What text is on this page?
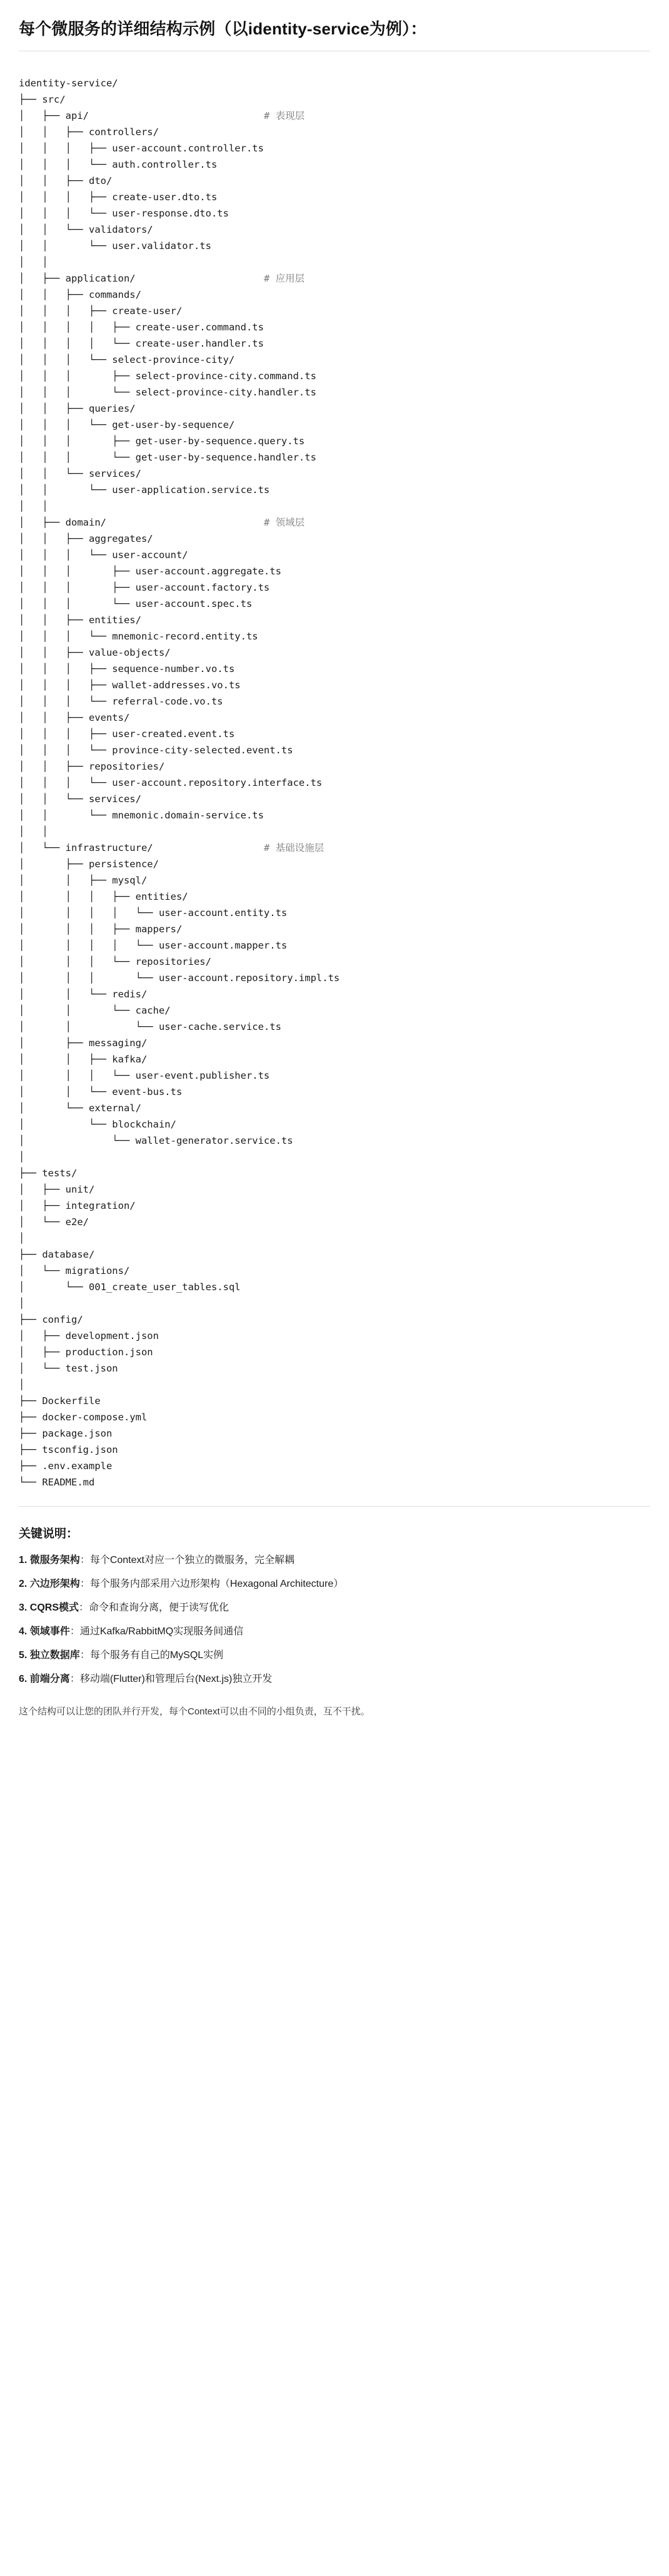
每个微服务的详细结构示例（以identity-service为例）：
identity-service/
├── src/
│   ├── api/                              # 表现层
│   │   ├── controllers/
│   │   │   ├── user-account.controller.ts
│   │   │   └── auth.controller.ts
│   │   ├── dto/
│   │   │   ├── create-user.dto.ts
│   │   │   └── user-response.dto.ts
│   │   └── validators/
│   │       └── user.validator.ts
│   │
│   ├── application/                      # 应用层
│   │   ├── commands/
│   │   │   ├── create-user/
│   │   │   │   ├── create-user.command.ts
│   │   │   │   └── create-user.handler.ts
│   │   │   └── select-province-city/
│   │   │       ├── select-province-city.command.ts
│   │   │       └── select-province-city.handler.ts
│   │   ├── queries/
│   │   │   └── get-user-by-sequence/
│   │   │       ├── get-user-by-sequence.query.ts
│   │   │       └── get-user-by-sequence.handler.ts
│   │   └── services/
│   │       └── user-application.service.ts
│   │
│   ├── domain/                           # 领域层
│   │   ├── aggregates/
│   │   │   └── user-account/
│   │   │       ├── user-account.aggregate.ts
│   │   │       ├── user-account.factory.ts
│   │   │       └── user-account.spec.ts
│   │   ├── entities/
│   │   │   └── mnemonic-record.entity.ts
│   │   ├── value-objects/
│   │   │   ├── sequence-number.vo.ts
│   │   │   ├── wallet-addresses.vo.ts
│   │   │   └── referral-code.vo.ts
│   │   ├── events/
│   │   │   ├── user-created.event.ts
│   │   │   └── province-city-selected.event.ts
│   │   ├── repositories/
│   │   │   └── user-account.repository.interface.ts
│   │   └── services/
│   │       └── mnemonic.domain-service.ts
│   │
│   └── infrastructure/                   # 基础设施层
│       ├── persistence/
│       │   ├── mysql/
│       │   │   ├── entities/
│       │   │   │   └── user-account.entity.ts
│       │   │   ├── mappers/
│       │   │   │   └── user-account.mapper.ts
│       │   │   └── repositories/
│       │   │       └── user-account.repository.impl.ts
│       │   └── redis/
│       │       └── cache/
│       │           └── user-cache.service.ts
│       ├── messaging/
│       │   ├── kafka/
│       │   │   └── user-event.publisher.ts
│       │   └── event-bus.ts
│       └── external/
│           └── blockchain/
│               └── wallet-generator.service.ts
│
├── tests/
│   ├── unit/
│   ├── integration/
│   └── e2e/
│
├── database/
│   └── migrations/
│       └── 001_create_user_tables.sql
│
├── config/
│   ├── development.json
│   ├── production.json
│   └── test.json
│
├── Dockerfile
├── docker-compose.yml
├── package.json
├── tsconfig.json
├── .env.example
└── README.md
关键说明：
1. 微服务架构：每个Context对应一个独立的微服务，完全解耦
2. 六边形架构：每个服务内部采用六边形架构（Hexagonal Architecture）
3. CQRS模式：命令和查询分离，便于读写优化
4. 领域事件：通过Kafka/RabbitMQ实现服务间通信
5. 独立数据库：每个服务有自己的MySQL实例
6. 前端分离：移动端(Flutter)和管理后台(Next.js)独立开发
这个结构可以让您的团队并行开发，每个Context可以由不同的小组负责，互不干扰。
